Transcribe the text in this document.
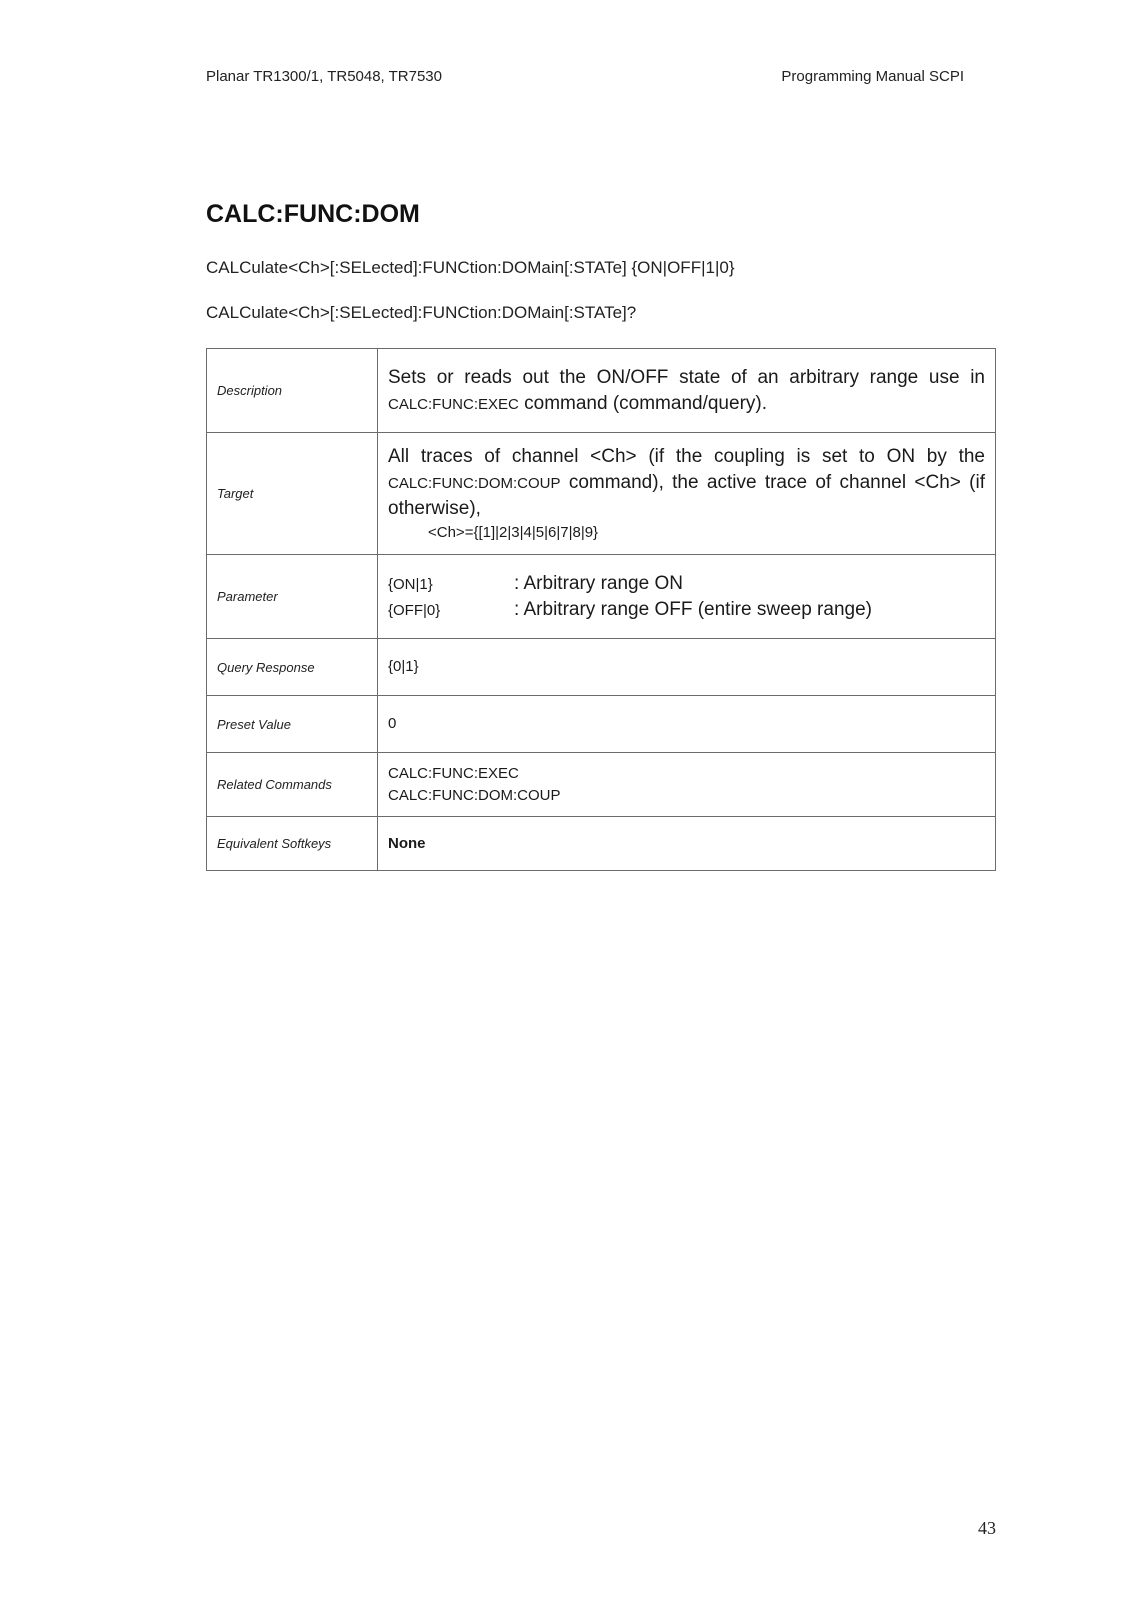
Planar TR1300/1, TR5048, TR7530	Programming Manual SCPI
CALC:FUNC:DOM
CALCulate<Ch>[:SELected]:FUNCtion:DOMain[:STATe] {ON|OFF|1|0}
CALCulate<Ch>[:SELected]:FUNCtion:DOMain[:STATe]?
Description	Sets or reads out the ON/OFF state of an arbitrary range use in CALC:FUNC:EXEC command (command/query).
Target	All traces of channel <Ch> (if the coupling is set to ON by the CALC:FUNC:DOM:COUP command), the active trace of channel <Ch> (if otherwise),
<Ch>={[1]|2|3|4|5|6|7|8|9}

Parameter	{ON|1} : Arbitrary range ON
{OFF|0} : Arbitrary range OFF (entire sweep range)

Query Response	{0|1}
Preset Value	0
Related Commands	CALC:FUNC:EXEC
CALC:FUNC:DOM:COUP

Equivalent Softkeys	None
43
